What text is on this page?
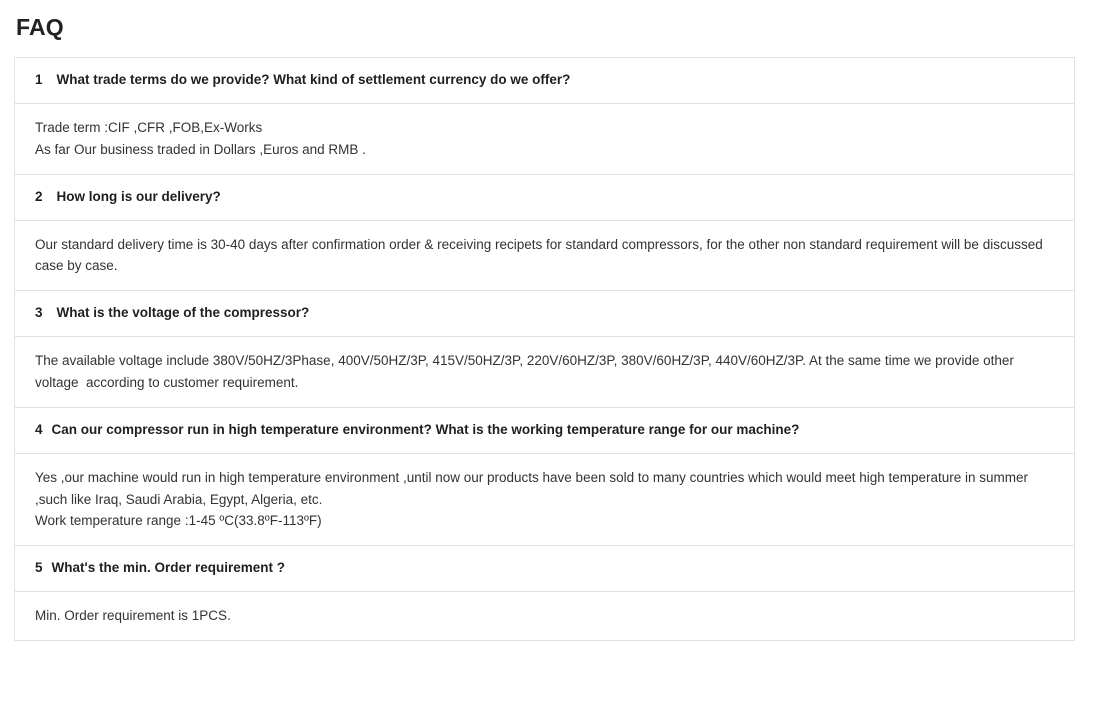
FAQ
1 What trade terms do we provide? What kind of settlement currency do we offer?
Trade term :CIF ,CFR ,FOB,Ex-Works
As far Our business traded in Dollars ,Euros and RMB .
2 How long is our delivery?
Our standard delivery time is 30-40 days after confirmation order & receiving recipets for standard compressors, for the other non standard requirement will be discussed case by case.
3 What is the voltage of the compressor?
The available voltage include 380V/50HZ/3Phase, 400V/50HZ/3P, 415V/50HZ/3P, 220V/60HZ/3P, 380V/60HZ/3P, 440V/60HZ/3P. At the same time we provide other voltage  according to customer requirement.
4 Can our compressor run in high temperature environment? What is the working temperature range for our machine?
Yes ,our machine would run in high temperature environment ,until now our products have been sold to many countries which would meet high temperature in summer ,such like Iraq, Saudi Arabia, Egypt, Algeria, etc.
Work temperature range :1-45 ºC(33.8ºF-113ºF)
5 What's the min. Order requirement ?
Min. Order requirement is 1PCS.
